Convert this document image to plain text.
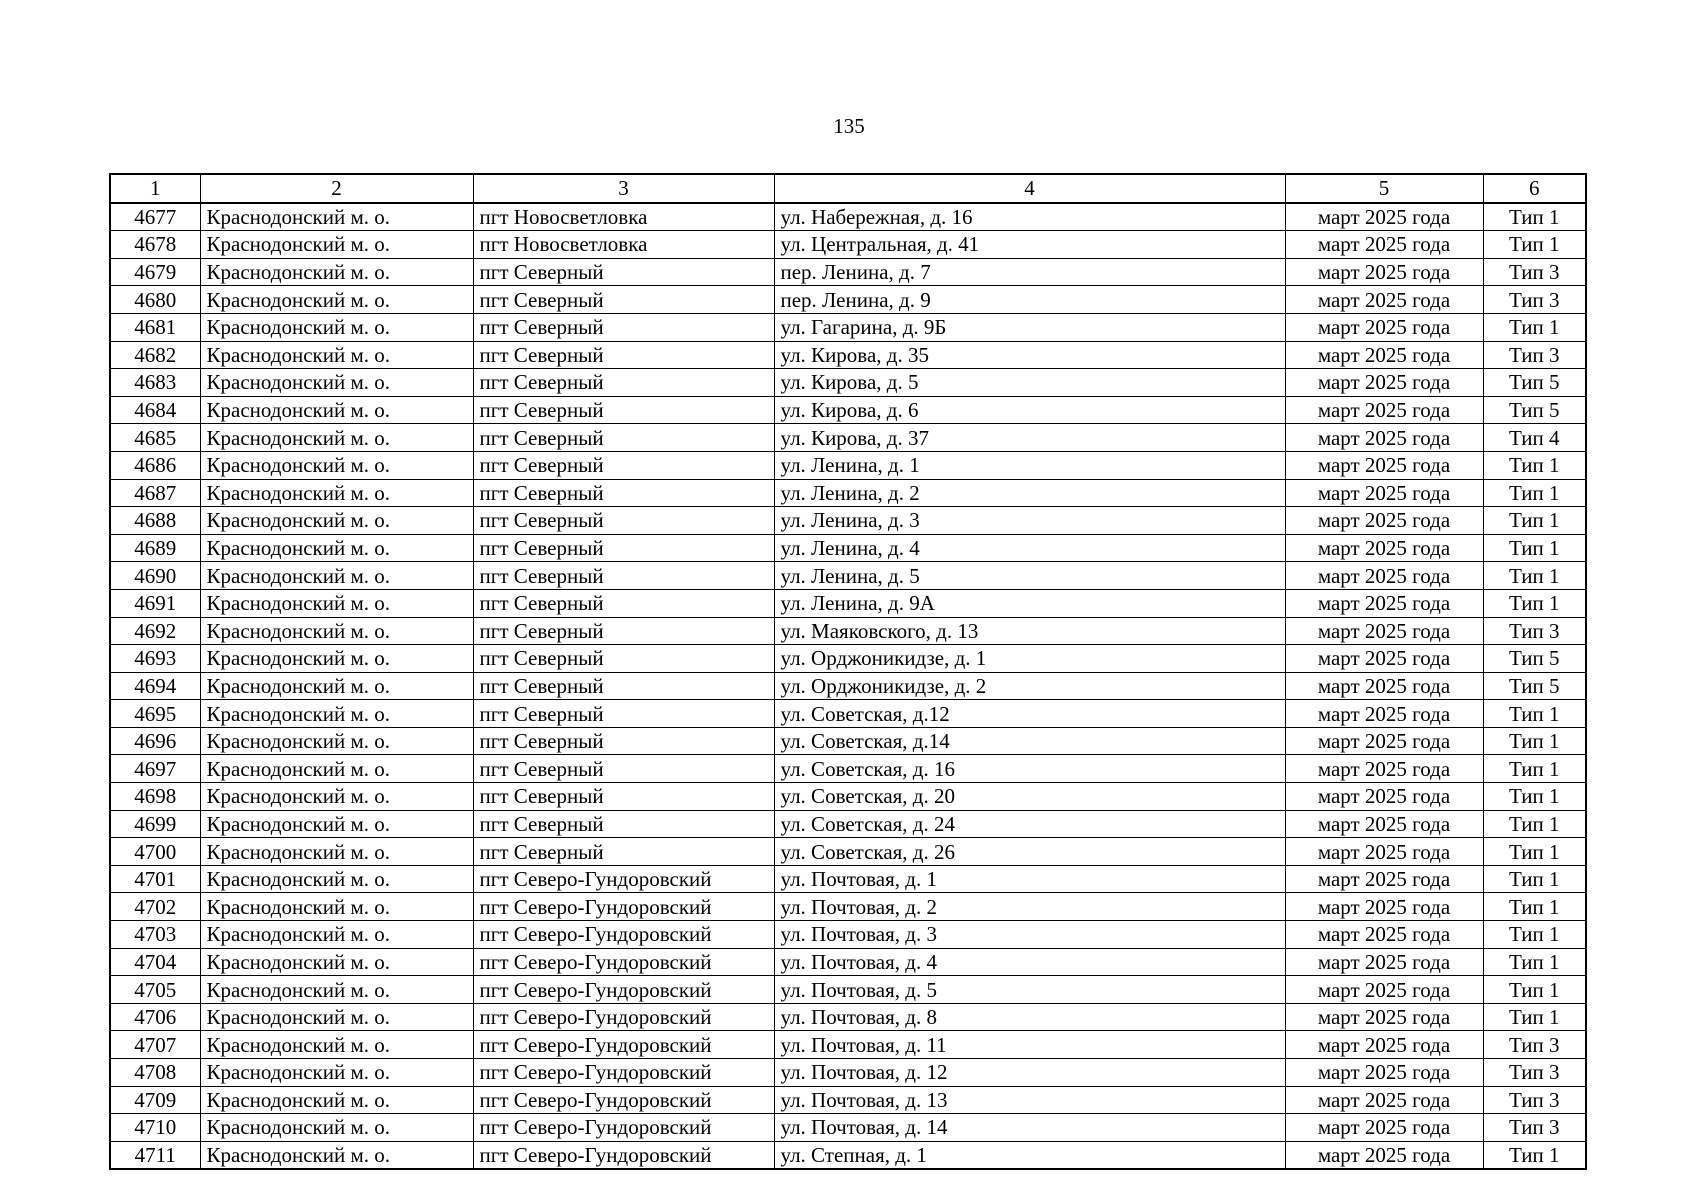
135
1	2	3	4	5	6
4677	Краснодонский м. о.	пгт Новосветловка	ул. Набережная, д. 16	март 2025 года	Тип 1
4678	Краснодонский м. о.	пгт Новосветловка	ул. Центральная, д. 41	март 2025 года	Тип 1
4679	Краснодонский м. о.	пгт Северный	пер. Ленина, д. 7	март 2025 года	Тип 3
4680	Краснодонский м. о.	пгт Северный	пер. Ленина, д. 9	март 2025 года	Тип 3
4681	Краснодонский м. о.	пгт Северный	ул. Гагарина, д. 9Б	март 2025 года	Тип 1
4682	Краснодонский м. о.	пгт Северный	ул. Кирова, д. 35	март 2025 года	Тип 3
4683	Краснодонский м. о.	пгт Северный	ул. Кирова, д. 5	март 2025 года	Тип 5
4684	Краснодонский м. о.	пгт Северный	ул. Кирова, д. 6	март 2025 года	Тип 5
4685	Краснодонский м. о.	пгт Северный	ул. Кирова, д. 37	март 2025 года	Тип 4
4686	Краснодонский м. о.	пгт Северный	ул. Ленина, д. 1	март 2025 года	Тип 1
4687	Краснодонский м. о.	пгт Северный	ул. Ленина, д. 2	март 2025 года	Тип 1
4688	Краснодонский м. о.	пгт Северный	ул. Ленина, д. 3	март 2025 года	Тип 1
4689	Краснодонский м. о.	пгт Северный	ул. Ленина, д. 4	март 2025 года	Тип 1
4690	Краснодонский м. о.	пгт Северный	ул. Ленина, д. 5	март 2025 года	Тип 1
4691	Краснодонский м. о.	пгт Северный	ул. Ленина, д. 9А	март 2025 года	Тип 1
4692	Краснодонский м. о.	пгт Северный	ул. Маяковского, д. 13	март 2025 года	Тип 3
4693	Краснодонский м. о.	пгт Северный	ул. Орджоникидзе, д. 1	март 2025 года	Тип 5
4694	Краснодонский м. о.	пгт Северный	ул. Орджоникидзе, д. 2	март 2025 года	Тип 5
4695	Краснодонский м. о.	пгт Северный	ул. Советская, д.12	март 2025 года	Тип 1
4696	Краснодонский м. о.	пгт Северный	ул. Советская, д.14	март 2025 года	Тип 1
4697	Краснодонский м. о.	пгт Северный	ул. Советская, д. 16	март 2025 года	Тип 1
4698	Краснодонский м. о.	пгт Северный	ул. Советская, д. 20	март 2025 года	Тип 1
4699	Краснодонский м. о.	пгт Северный	ул. Советская, д. 24	март 2025 года	Тип 1
4700	Краснодонский м. о.	пгт Северный	ул. Советская, д. 26	март 2025 года	Тип 1
4701	Краснодонский м. о.	пгт Северо-Гундоровский	ул. Почтовая, д. 1	март 2025 года	Тип 1
4702	Краснодонский м. о.	пгт Северо-Гундоровский	ул. Почтовая, д. 2	март 2025 года	Тип 1
4703	Краснодонский м. о.	пгт Северо-Гундоровский	ул. Почтовая, д. 3	март 2025 года	Тип 1
4704	Краснодонский м. о.	пгт Северо-Гундоровский	ул. Почтовая, д. 4	март 2025 года	Тип 1
4705	Краснодонский м. о.	пгт Северо-Гундоровский	ул. Почтовая, д. 5	март 2025 года	Тип 1
4706	Краснодонский м. о.	пгт Северо-Гундоровский	ул. Почтовая, д. 8	март 2025 года	Тип 1
4707	Краснодонский м. о.	пгт Северо-Гундоровский	ул. Почтовая, д. 11	март 2025 года	Тип 3
4708	Краснодонский м. о.	пгт Северо-Гундоровский	ул. Почтовая, д. 12	март 2025 года	Тип 3
4709	Краснодонский м. о.	пгт Северо-Гундоровский	ул. Почтовая, д. 13	март 2025 года	Тип 3
4710	Краснодонский м. о.	пгт Северо-Гундоровский	ул. Почтовая, д. 14	март 2025 года	Тип 3
4711	Краснодонский м. о.	пгт Северо-Гундоровский	ул. Степная, д. 1	март 2025 года	Тип 1
